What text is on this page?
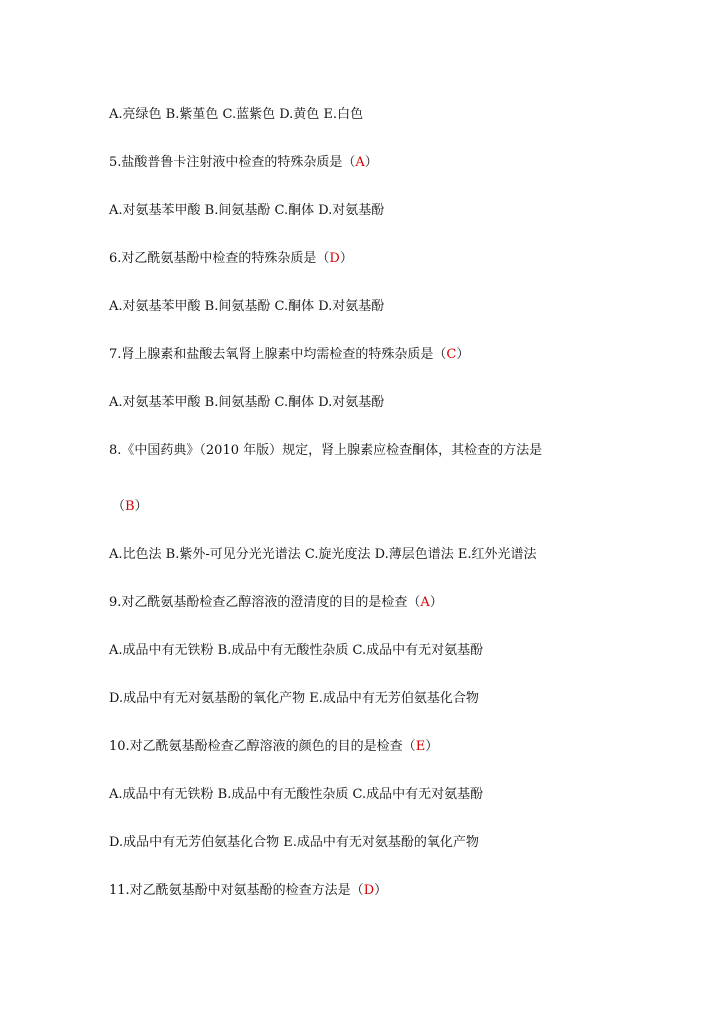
A.亮绿色 B.紫堇色 C.蓝紫色 D.黄色 E.白色
5.盐酸普鲁卡注射液中检查的特殊杂质是（A）
A.对氨基苯甲酸 B.间氨基酚 C.酮体 D.对氨基酚
6.对乙酰氨基酚中检查的特殊杂质是（D）
A.对氨基苯甲酸 B.间氨基酚 C.酮体 D.对氨基酚
7.肾上腺素和盐酸去氧肾上腺素中均需检查的特殊杂质是（C）
A.对氨基苯甲酸 B.间氨基酚 C.酮体 D.对氨基酚
8.《中国药典》（2010 年版）规定，肾上腺素应检查酮体，其检查的方法是
（B）
A.比色法 B.紫外-可见分光光谱法 C.旋光度法 D.薄层色谱法 E.红外光谱法
9.对乙酰氨基酚检查乙醇溶液的澄清度的目的是检查（A）
A.成品中有无铁粉 B.成品中有无酸性杂质 C.成品中有无对氨基酚
D.成品中有无对氨基酚的氧化产物 E.成品中有无芳伯氨基化合物
10.对乙酰氨基酚检查乙醇溶液的颜色的目的是检查（E）
A.成品中有无铁粉 B.成品中有无酸性杂质 C.成品中有无对氨基酚
D.成品中有无芳伯氨基化合物 E.成品中有无对氨基酚的氧化产物
11.对乙酰氨基酚中对氨基酚的检查方法是（D）
